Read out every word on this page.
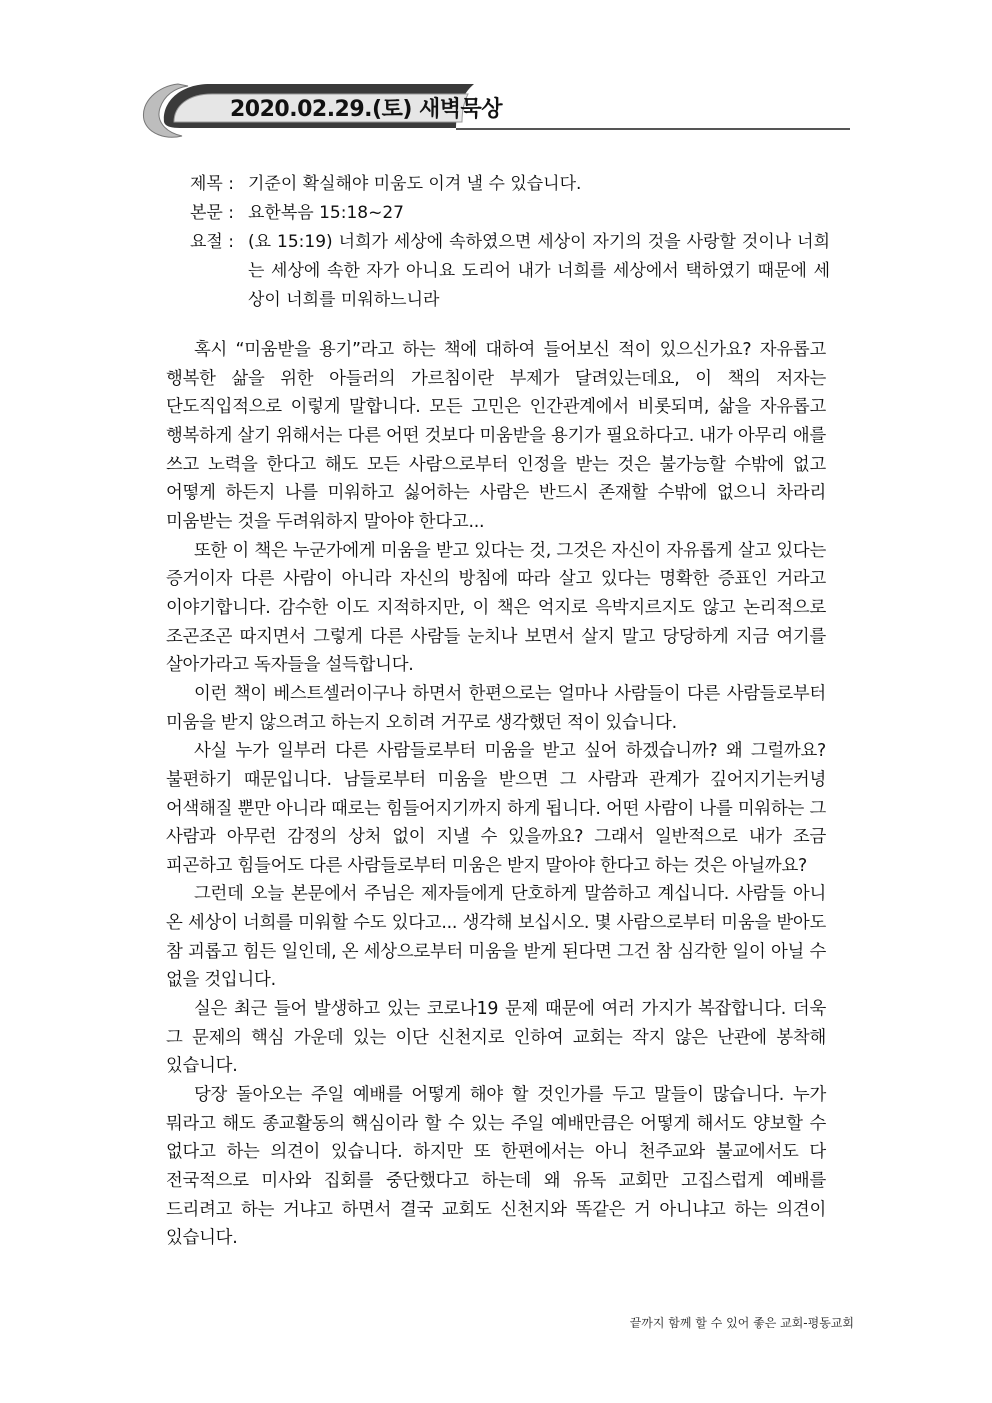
2020.02.29.(토) 새벽묵상
제목 : 기준이 확실해야 미움도 이겨 낼 수 있습니다.
본문 : 요한복음 15:18~27
요절 : (요 15:19) 너희가 세상에 속하였으면 세상이 자기의 것을 사랑할 것이나 너희는 세상에 속한 자가 아니요 도리어 내가 너희를 세상에서 택하였기 때문에 세상이 너희를 미워하느니라

혹시 “미움받을 용기”라고 하는 책에 대하여 들어보신 적이 있으신가요? 자유롭고 행복한 삶을 위한 아들러의 가르침이란 부제가 달려있는데요, 이 책의 저자는 단도직입적으로 이렇게 말합니다. 모든 고민은 인간관계에서 비롯되며, 삶을 자유롭고 행복하게 살기 위해서는 다른 어떤 것보다 미움받을 용기가 필요하다고. 내가 아무리 애를 쓰고 노력을 한다고 해도 모든 사람으로부터 인정을 받는 것은 불가능할 수밖에 없고 어떻게 하든지 나를 미워하고 싫어하는 사람은 반드시 존재할 수밖에 없으니 차라리 미움받는 것을 두려워하지 말아야 한다고...

또한 이 책은 누군가에게 미움을 받고 있다는 것, 그것은 자신이 자유롭게 살고 있다는 증거이자 다른 사람이 아니라 자신의 방침에 따라 살고 있다는 명확한 증표인 거라고 이야기합니다. 감수한 이도 지적하지만, 이 책은 억지로 윽박지르지도 않고 논리적으로 조곤조곤 따지면서 그렇게 다른 사람들 눈치나 보면서 살지 말고 당당하게 지금 여기를 살아가라고 독자들을 설득합니다.

이런 책이 베스트셀러이구나 하면서 한편으로는 얼마나 사람들이 다른 사람들로부터 미움을 받지 않으려고 하는지 오히려 거꾸로 생각했던 적이 있습니다.

사실 누가 일부러 다른 사람들로부터 미움을 받고 싶어 하겠습니까? 왜 그럴까요? 불편하기 때문입니다. 남들로부터 미움을 받으면 그 사람과 관계가 깊어지기는커녕 어색해질 뿐만 아니라 때로는 힘들어지기까지 하게 됩니다. 어떤 사람이 나를 미워하는 그 사람과 아무런 감정의 상처 없이 지낼 수 있을까요? 그래서 일반적으로 내가 조금 피곤하고 힘들어도 다른 사람들로부터 미움은 받지 말아야 한다고 하는 것은 아닐까요?

그런데 오늘 본문에서 주님은 제자들에게 단호하게 말씀하고 계십니다. 사람들 아니 온 세상이 너희를 미워할 수도 있다고... 생각해 보십시오. 몇 사람으로부터 미움을 받아도 참 괴롭고 힘든 일인데, 온 세상으로부터 미움을 받게 된다면 그건 참 심각한 일이 아닐 수 없을 것입니다.

실은 최근 들어 발생하고 있는 코로나19 문제 때문에 여러 가지가 복잡합니다. 더욱 그 문제의 핵심 가운데 있는 이단 신천지로 인하여 교회는 작지 않은 난관에 봉착해 있습니다.

당장 돌아오는 주일 예배를 어떻게 해야 할 것인가를 두고 말들이 많습니다. 누가 뭐라고 해도 종교활동의 핵심이라 할 수 있는 주일 예배만큼은 어떻게 해서도 양보할 수 없다고 하는 의견이 있습니다. 하지만 또 한편에서는 아니 천주교와 불교에서도 다 전국적으로 미사와 집회를 중단했다고 하는데 왜 유독 교회만 고집스럽게 예배를 드리려고 하는 거냐고 하면서 결국 교회도 신천지와 똑같은 거 아니냐고 하는 의견이 있습니다.

끝까지 함께 할 수 있어 좋은 교회-평동교회
